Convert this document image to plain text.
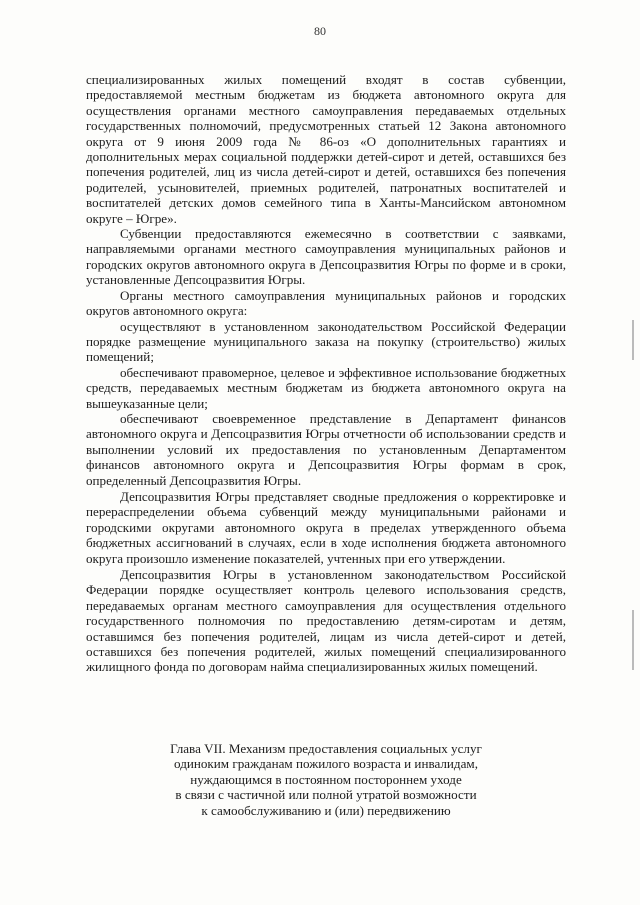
80

специализированных жилых помещений входят в состав субвенции, предоставляемой местным бюджетам из бюджета автономного округа для осуществления органами местного самоуправления передаваемых отдельных государственных полномочий, предусмотренных статьей 12 Закона автономного округа от 9 июня 2009 года № 86-оз «О дополнительных гарантиях и дополнительных мерах социальной поддержки детей-сирот и детей, оставшихся без попечения родителей, лиц из числа детей-сирот и детей, оставшихся без попечения родителей, усыновителей, приемных родителей, патронатных воспитателей и воспитателей детских домов семейного типа в Ханты-Мансийском автономном округе – Югре».

Субвенции предоставляются ежемесячно в соответствии с заявками, направляемыми органами местного самоуправления муниципальных районов и городских округов автономного округа в Депсоцразвития Югры по форме и в сроки, установленные Депсоцразвития Югры.

Органы местного самоуправления муниципальных районов и городских округов автономного округа:

осуществляют в установленном законодательством Российской Федерации порядке размещение муниципального заказа на покупку (строительство) жилых помещений;

обеспечивают правомерное, целевое и эффективное использование бюджетных средств, передаваемых местным бюджетам из бюджета автономного округа на вышеуказанные цели;

обеспечивают своевременное представление в Департамент финансов автономного округа и Депсоцразвития Югры отчетности об использовании средств и выполнении условий их предоставления по установленным Департаментом финансов автономного округа и Депсоцразвития Югры формам в срок, определенный Депсоцразвития Югры.

Депсоцразвития Югры представляет сводные предложения о корректировке и перераспределении объема субвенций между муниципальными районами и городскими округами автономного округа в пределах утвержденного объема бюджетных ассигнований в случаях, если в ходе исполнения бюджета автономного округа произошло изменение показателей, учтенных при его утверждении.

Депсоцразвития Югры в установленном законодательством Российской Федерации порядке осуществляет контроль целевого использования средств, передаваемых органам местного самоуправления для осуществления отдельного государственного полномочия по предоставлению детям-сиротам и детям, оставшимся без попечения родителей, лицам из числа детей-сирот и детей, оставшихся без попечения родителей, жилых помещений специализированного жилищного фонда по договорам найма специализированных жилых помещений.

Глава VII. Механизм предоставления социальных услуг
одиноким гражданам пожилого возраста и инвалидам,
нуждающимся в постоянном постороннем уходе
в связи с частичной или полной утратой возможности
к самообслуживанию и (или) передвижению
